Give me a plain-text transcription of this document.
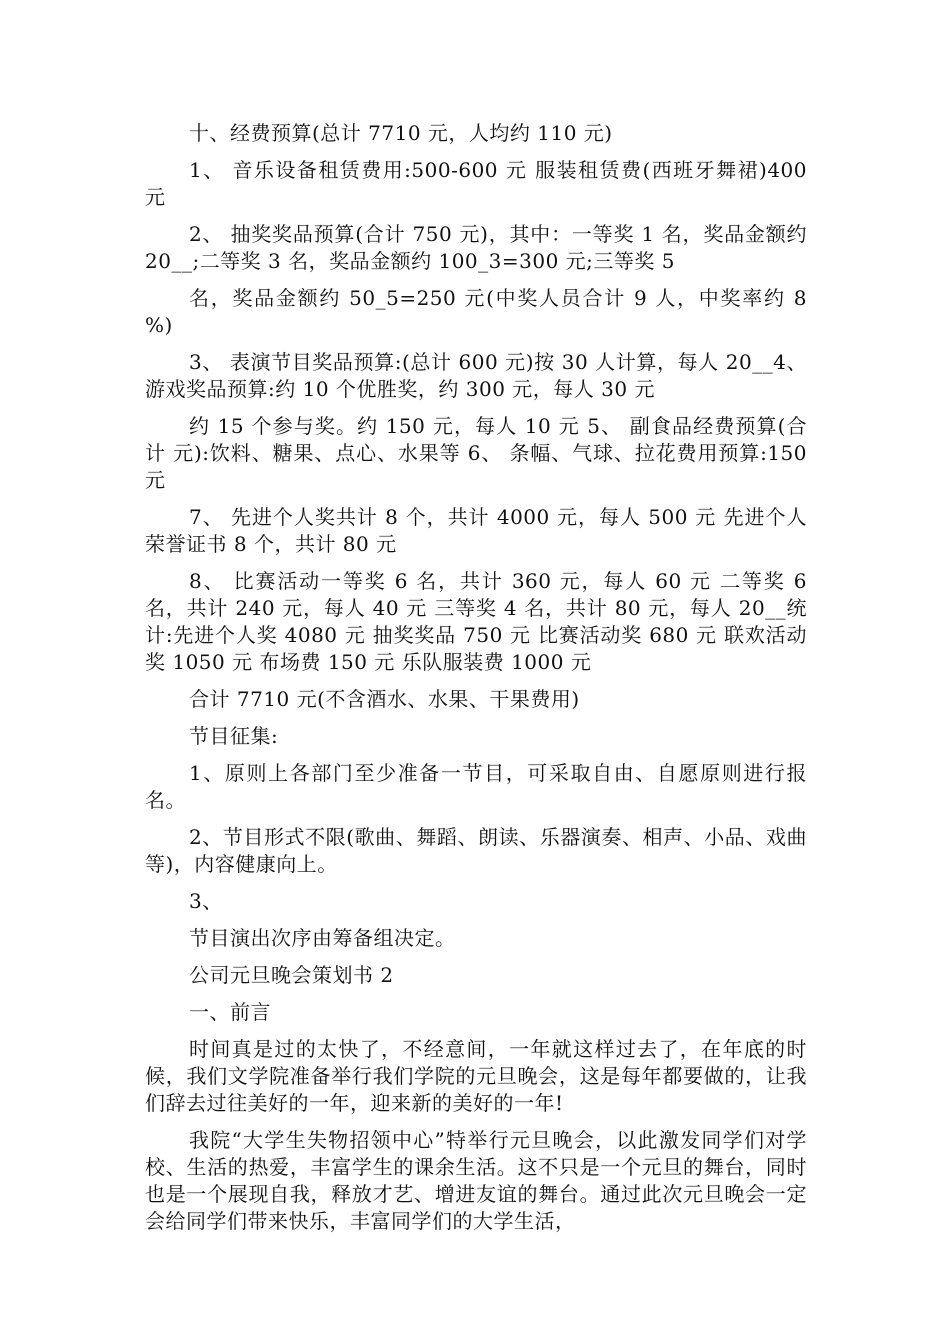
十、经费预算(总计 7710 元，人均约 110 元)

1、 音乐设备租赁费用:500-600 元 服装租赁费(西班牙舞裙)400 元

2、 抽奖奖品预算(合计 750 元)，其中：一等奖 1 名，奖品金额约 20__;二等奖 3 名，奖品金额约 100_3=300 元;三等奖 5

名，奖品金额约 50_5=250 元(中奖人员合计 9 人，中奖率约 8 %)

3、 表演节目奖品预算:(总计 600 元)按 30 人计算，每人 20__4、 游戏奖品预算:约 10 个优胜奖，约 300 元，每人 30 元

约 15 个参与奖。约 150 元，每人 10 元 5、 副食品经费预算(合计 元):饮料、糖果、点心、水果等 6、 条幅、气球、拉花费用预算:150 元

7、 先进个人奖共计 8 个，共计 4000 元，每人 500 元 先进个人荣誉证书 8 个，共计 80 元

8、 比赛活动一等奖 6 名，共计 360 元，每人 60 元 二等奖 6 名，共计 240 元，每人 40 元 三等奖 4 名，共计 80 元，每人 20__统计:先进个人奖 4080 元 抽奖奖品 750 元 比赛活动奖 680 元 联欢活动奖 1050 元 布场费 150 元 乐队服装费 1000 元

合计 7710 元(不含酒水、水果、干果费用)

节目征集:

1、原则上各部门至少准备一节目，可采取自由、自愿原则进行报名。

2、节目形式不限(歌曲、舞蹈、朗读、乐器演奏、相声、小品、戏曲等)，内容健康向上。

3、

节目演出次序由筹备组决定。

公司元旦晚会策划书 2

一、前言

时间真是过的太快了，不经意间，一年就这样过去了，在年底的时候，我们文学院准备举行我们学院的元旦晚会，这是每年都要做的，让我们辞去过往美好的一年，迎来新的美好的一年!

我院“大学生失物招领中心”特举行元旦晚会，以此激发同学们对学校、生活的热爱，丰富学生的课余生活。这不只是一个元旦的舞台，同时也是一个展现自我，释放才艺、增进友谊的舞台。通过此次元旦晚会一定会给同学们带来快乐，丰富同学们的大学生活，
